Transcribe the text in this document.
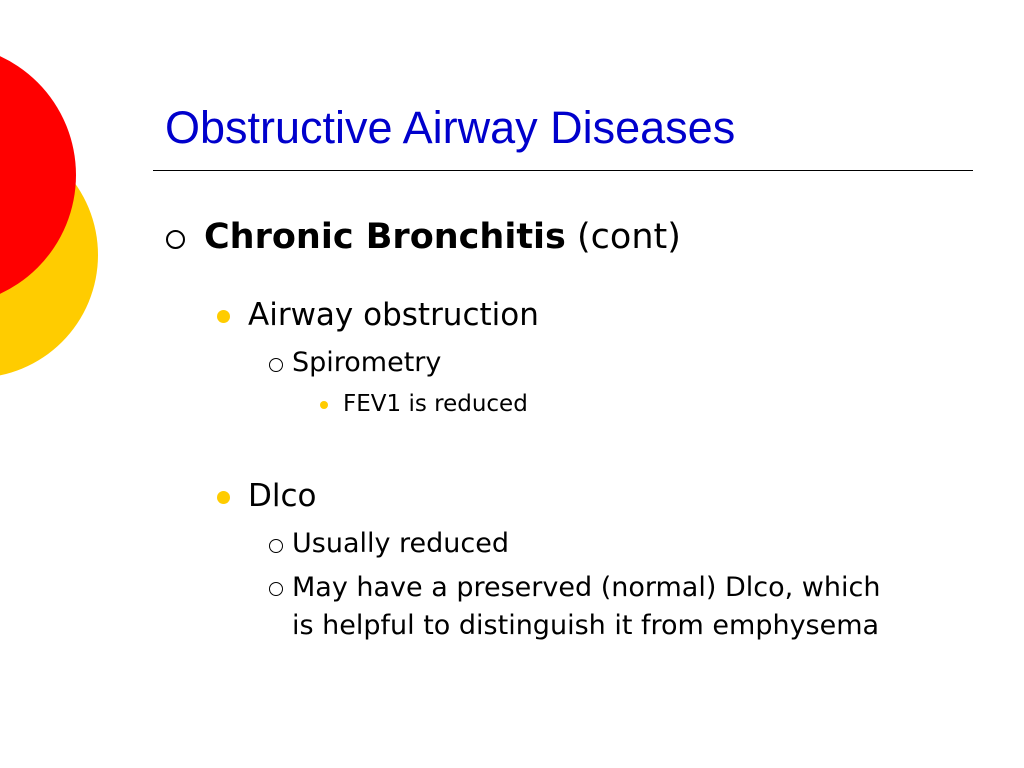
Obstructive Airway Diseases
Chronic Bronchitis (cont)
Airway obstruction
Spirometry
FEV1 is reduced
Dlco
Usually reduced
May have a preserved (normal) Dlco, which is helpful to distinguish it from emphysema
